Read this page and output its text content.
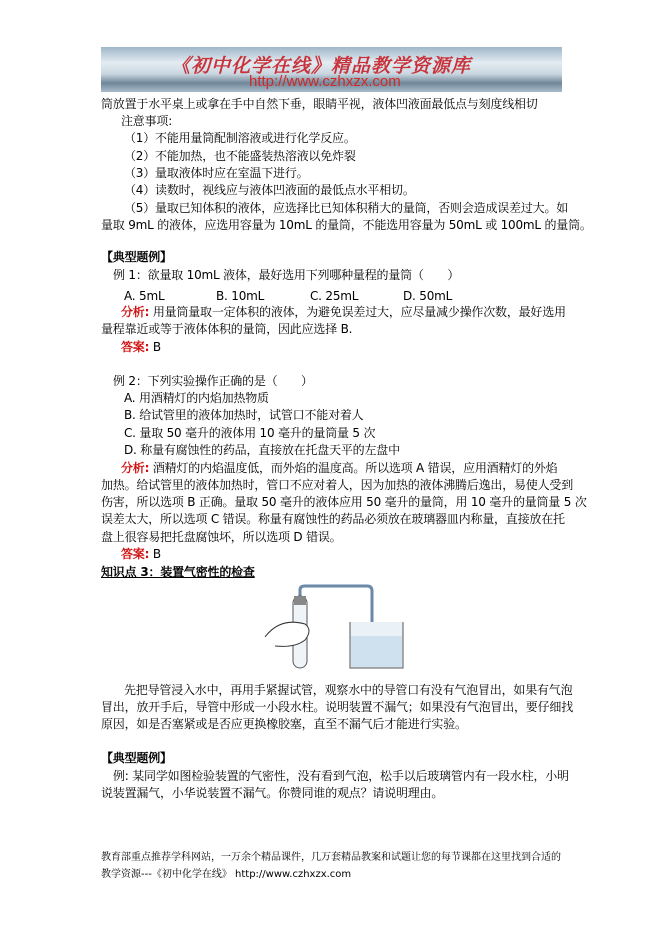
《初中化学在线》精品教学资源库
http://www.czhxzx.com
筒放置于水平桌上或拿在手中自然下垂，眼睛平视，液体凹液面最低点与刻度线相切
注意事项:
（1）不能用量筒配制溶液或进行化学反应。
（2）不能加热，也不能盛装热溶液以免炸裂
（3）量取液体时应在室温下进行。
（4）读数时，视线应与液体凹液面的最低点水平相切。
（5）量取已知体积的液体，应选择比已知体积稍大的量筒，否则会造成误差过大。如
量取 9mL 的液体，应选用容量为 10mL 的量筒，不能选用容量为 50mL 或 100mL 的量筒。
【典型题例】
例 1：欲量取 10mL 液体，最好选用下列哪种量程的量筒（　　）
A. 5mL	B. 10mL	C. 25mL	D. 50mL
分析: 用量筒量取一定体积的液体，为避免误差过大，应尽量减少操作次数，最好选用
量程靠近或等于液体体积的量筒，因此应选择 B.
答案: B
例 2：下列实验操作正确的是（　　）
A. 用酒精灯的内焰加热物质
B. 给试管里的液体加热时，试管口不能对着人
C. 量取 50 毫升的液体用 10 毫升的量筒量 5 次
D. 称量有腐蚀性的药品，直接放在托盘天平的左盘中
分析: 酒精灯的内焰温度低，而外焰的温度高。所以选项 A 错误，应用酒精灯的外焰
加热。给试管里的液体加热时，管口不应对着人，因为加热的液体沸腾后逸出，易使人受到
伤害，所以选项 B 正确。量取 50 毫升的液体应用 50 毫升的量筒，用 10 毫升的量筒量 5 次
误差太大，所以选项 C 错误。称量有腐蚀性的药品必须放在玻璃器皿内称量，直接放在托
盘上很容易把托盘腐蚀坏，所以选项 D 错误。
答案: B
知识点 3：装置气密性的检查
先把导管浸入水中，再用手紧握试管，观察水中的导管口有没有气泡冒出，如果有气泡
冒出，放开手后，导管中形成一小段水柱。说明装置不漏气；如果没有气泡冒出，要仔细找
原因，如是否塞紧或是否应更换橡胶塞，直至不漏气后才能进行实验。
【典型题例】
例: 某同学如图检验装置的气密性，没有看到气泡，松手以后玻璃管内有一段水柱，小明
说装置漏气，小华说装置不漏气。你赞同谁的观点？请说明理由。
教育部重点推荐学科网站，一万余个精品课件，几万套精品教案和试题让您的每节课都在这里找到合适的
教学资源---《初中化学在线》 http://www.czhxzx.com
